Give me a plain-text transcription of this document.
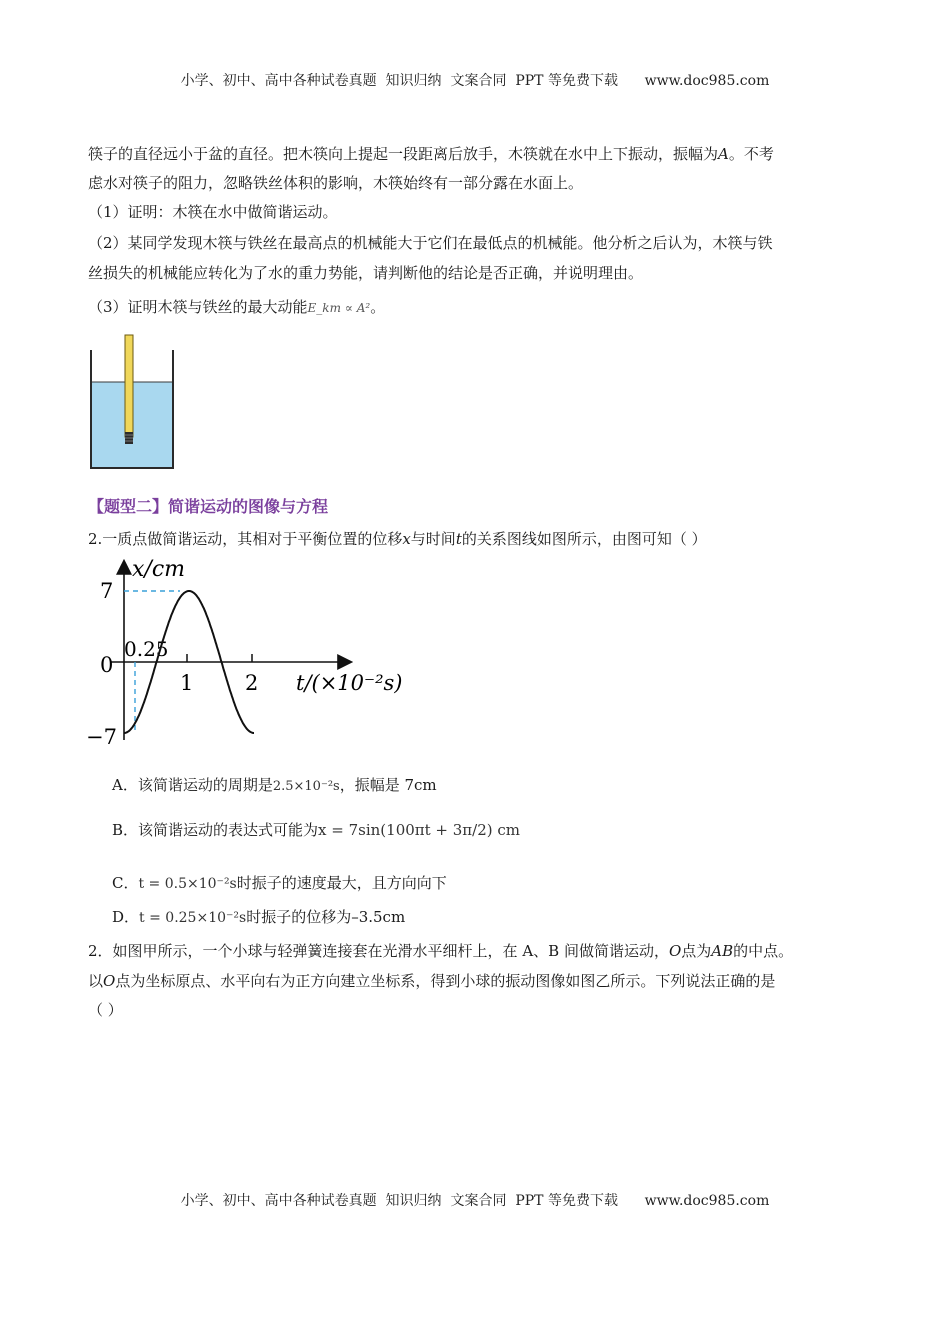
小学、初中、高中各种试卷真题  知识归纳  文案合同  PPT 等免费下载      www.doc985.com
筷子的直径远小于盆的直径。把木筷向上提起一段距离后放手，木筷就在水中上下振动，振幅为A。不考
虑水对筷子的阻力，忽略铁丝体积的影响，木筷始终有一部分露在水面上。
（1）证明：木筷在水中做简谐运动。
（2）某同学发现木筷与铁丝在最高点的机械能大于它们在最低点的机械能。他分析之后认为，木筷与铁
丝损失的机械能应转化为了水的重力势能，请判断他的结论是否正确，并说明理由。
（3）证明木筷与铁丝的最大动能E_km ∝ A²。
【题型二】简谐运动的图像与方程
2.一质点做简谐运动，其相对于平衡位置的位移x与时间t的关系图线如图所示，由图可知（ ）
x/cm
t/(×10⁻²s)
7
0
−7
0.25
1 2
A．该简谐运动的周期是2.5×10⁻²s，振幅是 7cm
B．该简谐运动的表达式可能为x = 7sin(100πt + 3π/2) cm
C．t = 0.5×10⁻²s时振子的速度最大，且方向向下
D．t = 0.25×10⁻²s时振子的位移为–3.5cm
2．如图甲所示，一个小球与轻弹簧连接套在光滑水平细杆上，在 A、B 间做简谐运动，O点为AB的中点。
以O点为坐标原点、水平向右为正方向建立坐标系，得到小球的振动图像如图乙所示。下列说法正确的是
（ ）
小学、初中、高中各种试卷真题  知识归纳  文案合同  PPT 等免费下载      www.doc985.com
